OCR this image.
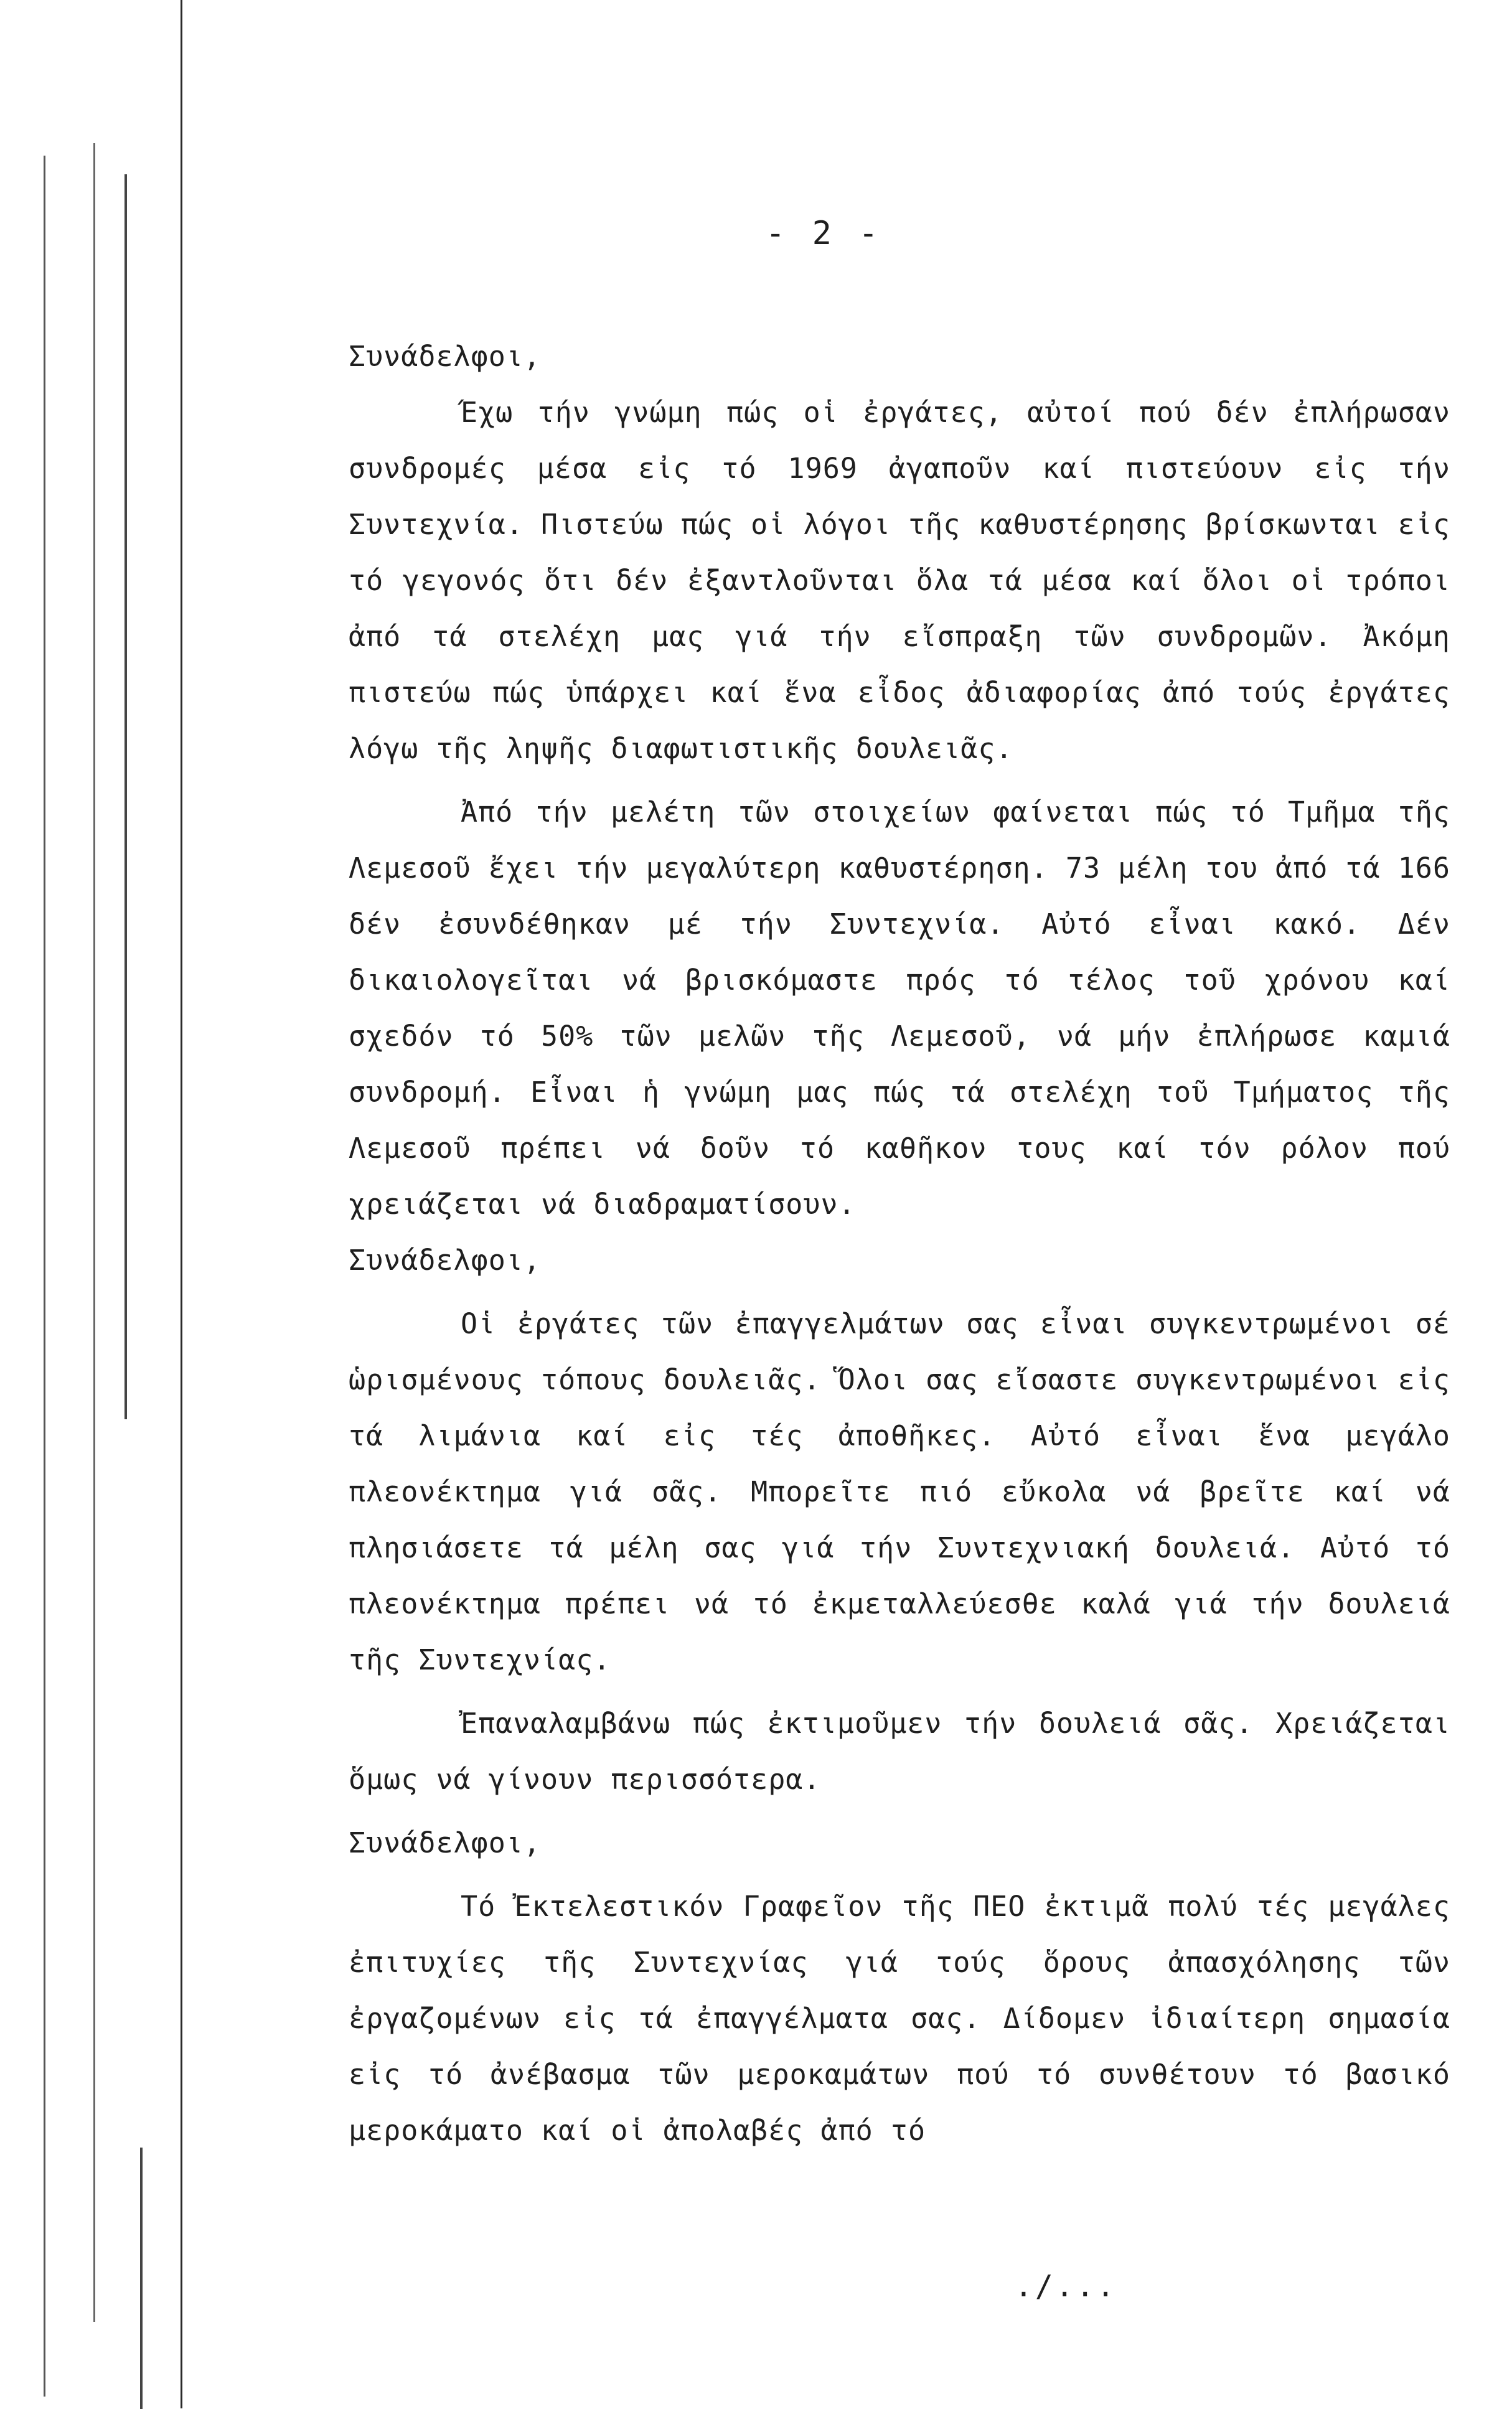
- 2 -

Συνάδελφοι,

Έχω τήν γνώμη πώς οἱ ἐργάτες, αὐτοί πού δέν ἐπλήρωσαν συνδρομές μέσα εἰς τό 1969 ἀγαποῦν καί πιστεύουν εἰς τήν Συντεχνία. Πιστεύω πώς οἱ λόγοι τῆς καθυστέρησης βρίσκωνται εἰς τό γεγονός ὅτι δέν ἐξαντλοῦνται ὅλα τά μέσα καί ὅλοι οἱ τρόποι ἀπό τά στελέχη μας γιά τήν εἴσπραξη τῶν συνδρομῶν. Ἀκόμη πιστεύω πώς ὑπάρχει καί ἕνα εἶδος ἀδιαφορίας ἀπό τούς ἐργάτες λόγω τῆς ληψῆς διαφωτιστικῆς δουλειᾶς.

Ἀπό τήν μελέτη τῶν στοιχείων φαίνεται πώς τό Τμῆμα τῆς Λεμεσοῦ ἔχει τήν μεγαλύτερη καθυστέρηση. 73 μέλη του ἀπό τά 166 δέν ἐσυνδέθηκαν μέ τήν Συντεχνία. Αὐτό εἶναι κακό. Δέν δικαιολογεῖται νά βρισκόμαστε πρός τό τέλος τοῦ χρόνου καί σχεδόν τό 50% τῶν μελῶν τῆς Λεμεσοῦ, νά μήν ἐπλήρωσε καμιά συνδρομή. Εἶναι ἡ γνώμη μας πώς τά στελέχη τοῦ Τμήματος τῆς Λεμεσοῦ πρέπει νά δοῦν τό καθῆκον τους καί τόν ρόλον πού χρειάζεται νά διαδραματίσουν.

Συνάδελφοι,

Οἱ ἐργάτες τῶν ἐπαγγελμάτων σας εἶναι συγκεντρωμένοι σέ ὡρισμένους τόπους δουλειᾶς. Ὅλοι σας εἴσαστε συγκεντρωμένοι εἰς τά λιμάνια καί εἰς τές ἀποθῆκες. Αὐτό εἶναι ἕνα μεγάλο πλεονέκτημα γιά σᾶς. Μπορεῖτε πιό εὔκολα νά βρεῖτε καί νά πλησιάσετε τά μέλη σας γιά τήν Συντεχνιακή δουλειά. Αὐτό τό πλεονέκτημα πρέπει νά τό ἐκμεταλλεύεσθε καλά γιά τήν δουλειά τῆς Συντεχνίας.

Ἐπαναλαμβάνω πώς ἐκτιμοῦμεν τήν δουλειά σᾶς. Χρειάζεται ὅμως νά γίνουν περισσότερα.

Συνάδελφοι,

Τό Ἐκτελεστικόν Γραφεῖον τῆς ΠΕΟ ἐκτιμᾶ πολύ τές μεγάλες ἐπιτυχίες τῆς Συντεχνίας γιά τούς ὅρους ἀπασχόλησης τῶν ἐργαζομένων εἰς τά ἐπαγγέλματα σας. Δίδομεν ἰδιαίτερη σημασία εἰς τό ἀνέβασμα τῶν μεροκαμάτων πού τό συνθέτουν τό βασικό μεροκάματο καί οἱ ἀπολαβές ἀπό τό

./...
